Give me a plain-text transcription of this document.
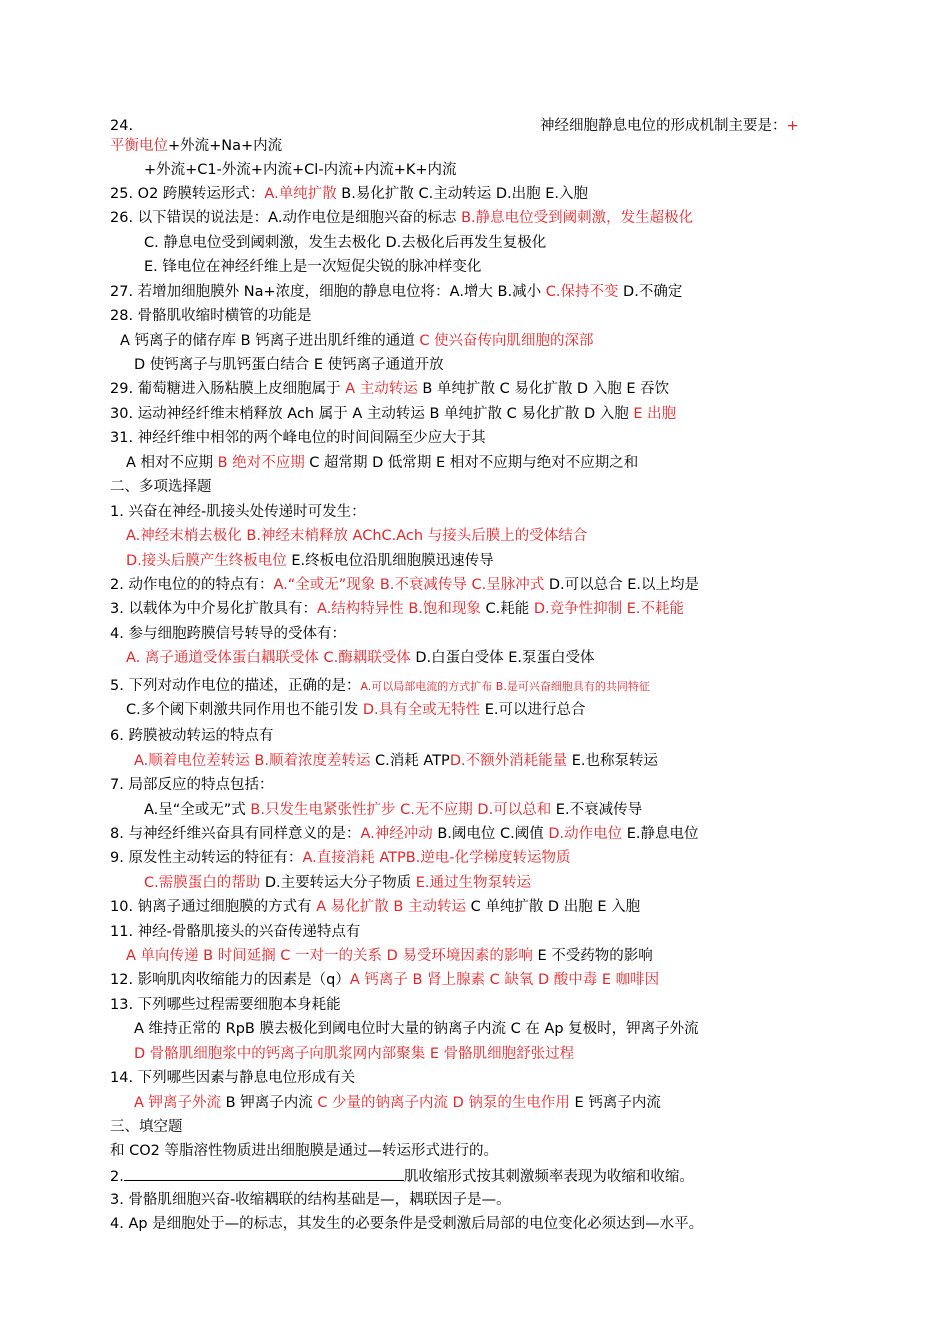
24.
平衡电位+外流+Na+内流
+外流+C1-外流+内流+Cl-内流+内流+K+内流
25. O2 跨膜转运形式：A.单纯扩散 B.易化扩散 C.主动转运 D.出胞 E.入胞
26. 以下错误的说法是：A.动作电位是细胞兴奋的标志 B.静息电位受到阈刺激，发生超极化
C. 静息电位受到阈刺激，发生去极化 D.去极化后再发生复极化
E. 锋电位在神经纤维上是一次短促尖锐的脉冲样变化
27. 若增加细胞膜外 Na+浓度，细胞的静息电位将：A.增大 B.减小 C.保持不变 D.不确定
28. 骨骼肌收缩时横管的功能是
A 钙离子的储存库 B 钙离子进出肌纤维的通道 C 使兴奋传向肌细胞的深部
D 使钙离子与肌钙蛋白结合 E 使钙离子通道开放
29. 葡萄糖进入肠粘膜上皮细胞属于 A 主动转运 B 单纯扩散 C 易化扩散 D 入胞 E 吞饮
30. 运动神经纤维末梢释放 Ach 属于 A 主动转运 B 单纯扩散 C 易化扩散 D 入胞 E 出胞
31. 神经纤维中相邻的两个峰电位的时间间隔至少应大于其
A 相对不应期 B 绝对不应期 C 超常期 D 低常期 E 相对不应期与绝对不应期之和
二、多项选择题
1. 兴奋在神经-肌接头处传递时可发生：
A.神经末梢去极化 B.神经末梢释放 AChC.Ach 与接头后膜上的受体结合
D.接头后膜产生终板电位 E.终板电位沿肌细胞膜迅速传导
2. 动作电位的的特点有：A.“全或无”现象 B.不衰减传导 C.呈脉冲式 D.可以总合 E.以上均是
3. 以载体为中介易化扩散具有：A.结构特异性 B.饱和现象 C.耗能 D.竞争性抑制 E.不耗能
4. 参与细胞跨膜信号转导的受体有：
A. 离子通道受体蛋白耦联受体 C.酶耦联受体 D.白蛋白受体 E.泵蛋白受体
5. 下列对动作电位的描述，正确的是：A.可以局部电流的方式扩布 B.是可兴奋细胞具有的共同特征
C.多个阈下刺激共同作用也不能引发 D.具有全或无特性 E.可以进行总合
6. 跨膜被动转运的特点有
A.顺着电位差转运 B.顺着浓度差转运 C.消耗 ATPD.不额外消耗能量 E.也称泵转运
7. 局部反应的特点包括：
A.呈“全或无”式 B.只发生电紧张性扩步 C.无不应期 D.可以总和 E.不衰减传导
8. 与神经纤维兴奋具有同样意义的是：A.神经冲动 B.阈电位 C.阈值 D.动作电位 E.静息电位
9. 原发性主动转运的特征有：A.直接消耗 ATPB.逆电-化学梯度转运物质
C.需膜蛋白的帮助 D.主要转运大分子物质 E.通过生物泵转运
10. 钠离子通过细胞膜的方式有 A 易化扩散 B 主动转运 C 单纯扩散 D 出胞 E 入胞
11. 神经-骨骼肌接头的兴奋传递特点有
A 单向传递 B 时间延搁 C 一对一的关系 D 易受环境因素的影响 E 不受药物的影响
12. 影响肌肉收缩能力的因素是（q）A 钙离子 B 肾上腺素 C 缺氧 D 酸中毒 E 咖啡因
13. 下列哪些过程需要细胞本身耗能
A 维持正常的 RpB 膜去极化到阈电位时大量的钠离子内流 C 在 Ap 复极时，钾离子外流
D 骨骼肌细胞浆中的钙离子向肌浆网内部聚集 E 骨骼肌细胞舒张过程
14. 下列哪些因素与静息电位形成有关
A 钾离子外流 B 钾离子内流 C 少量的钠离子内流 D 钠泵的生电作用 E 钙离子内流
三、填空题
和 CO2 等脂溶性物质进出细胞膜是通过—转运形式进行的。
3. 骨骼肌细胞兴奋-收缩耦联的结构基础是—，耦联因子是—。
4. Ap 是细胞处于—的标志，其发生的必要条件是受刺激后局部的电位变化必须达到—水平。
神经细胞静息电位的形成机制主要是：+
2.	肌收缩形式按其刺激频率表现为收缩和收缩。
